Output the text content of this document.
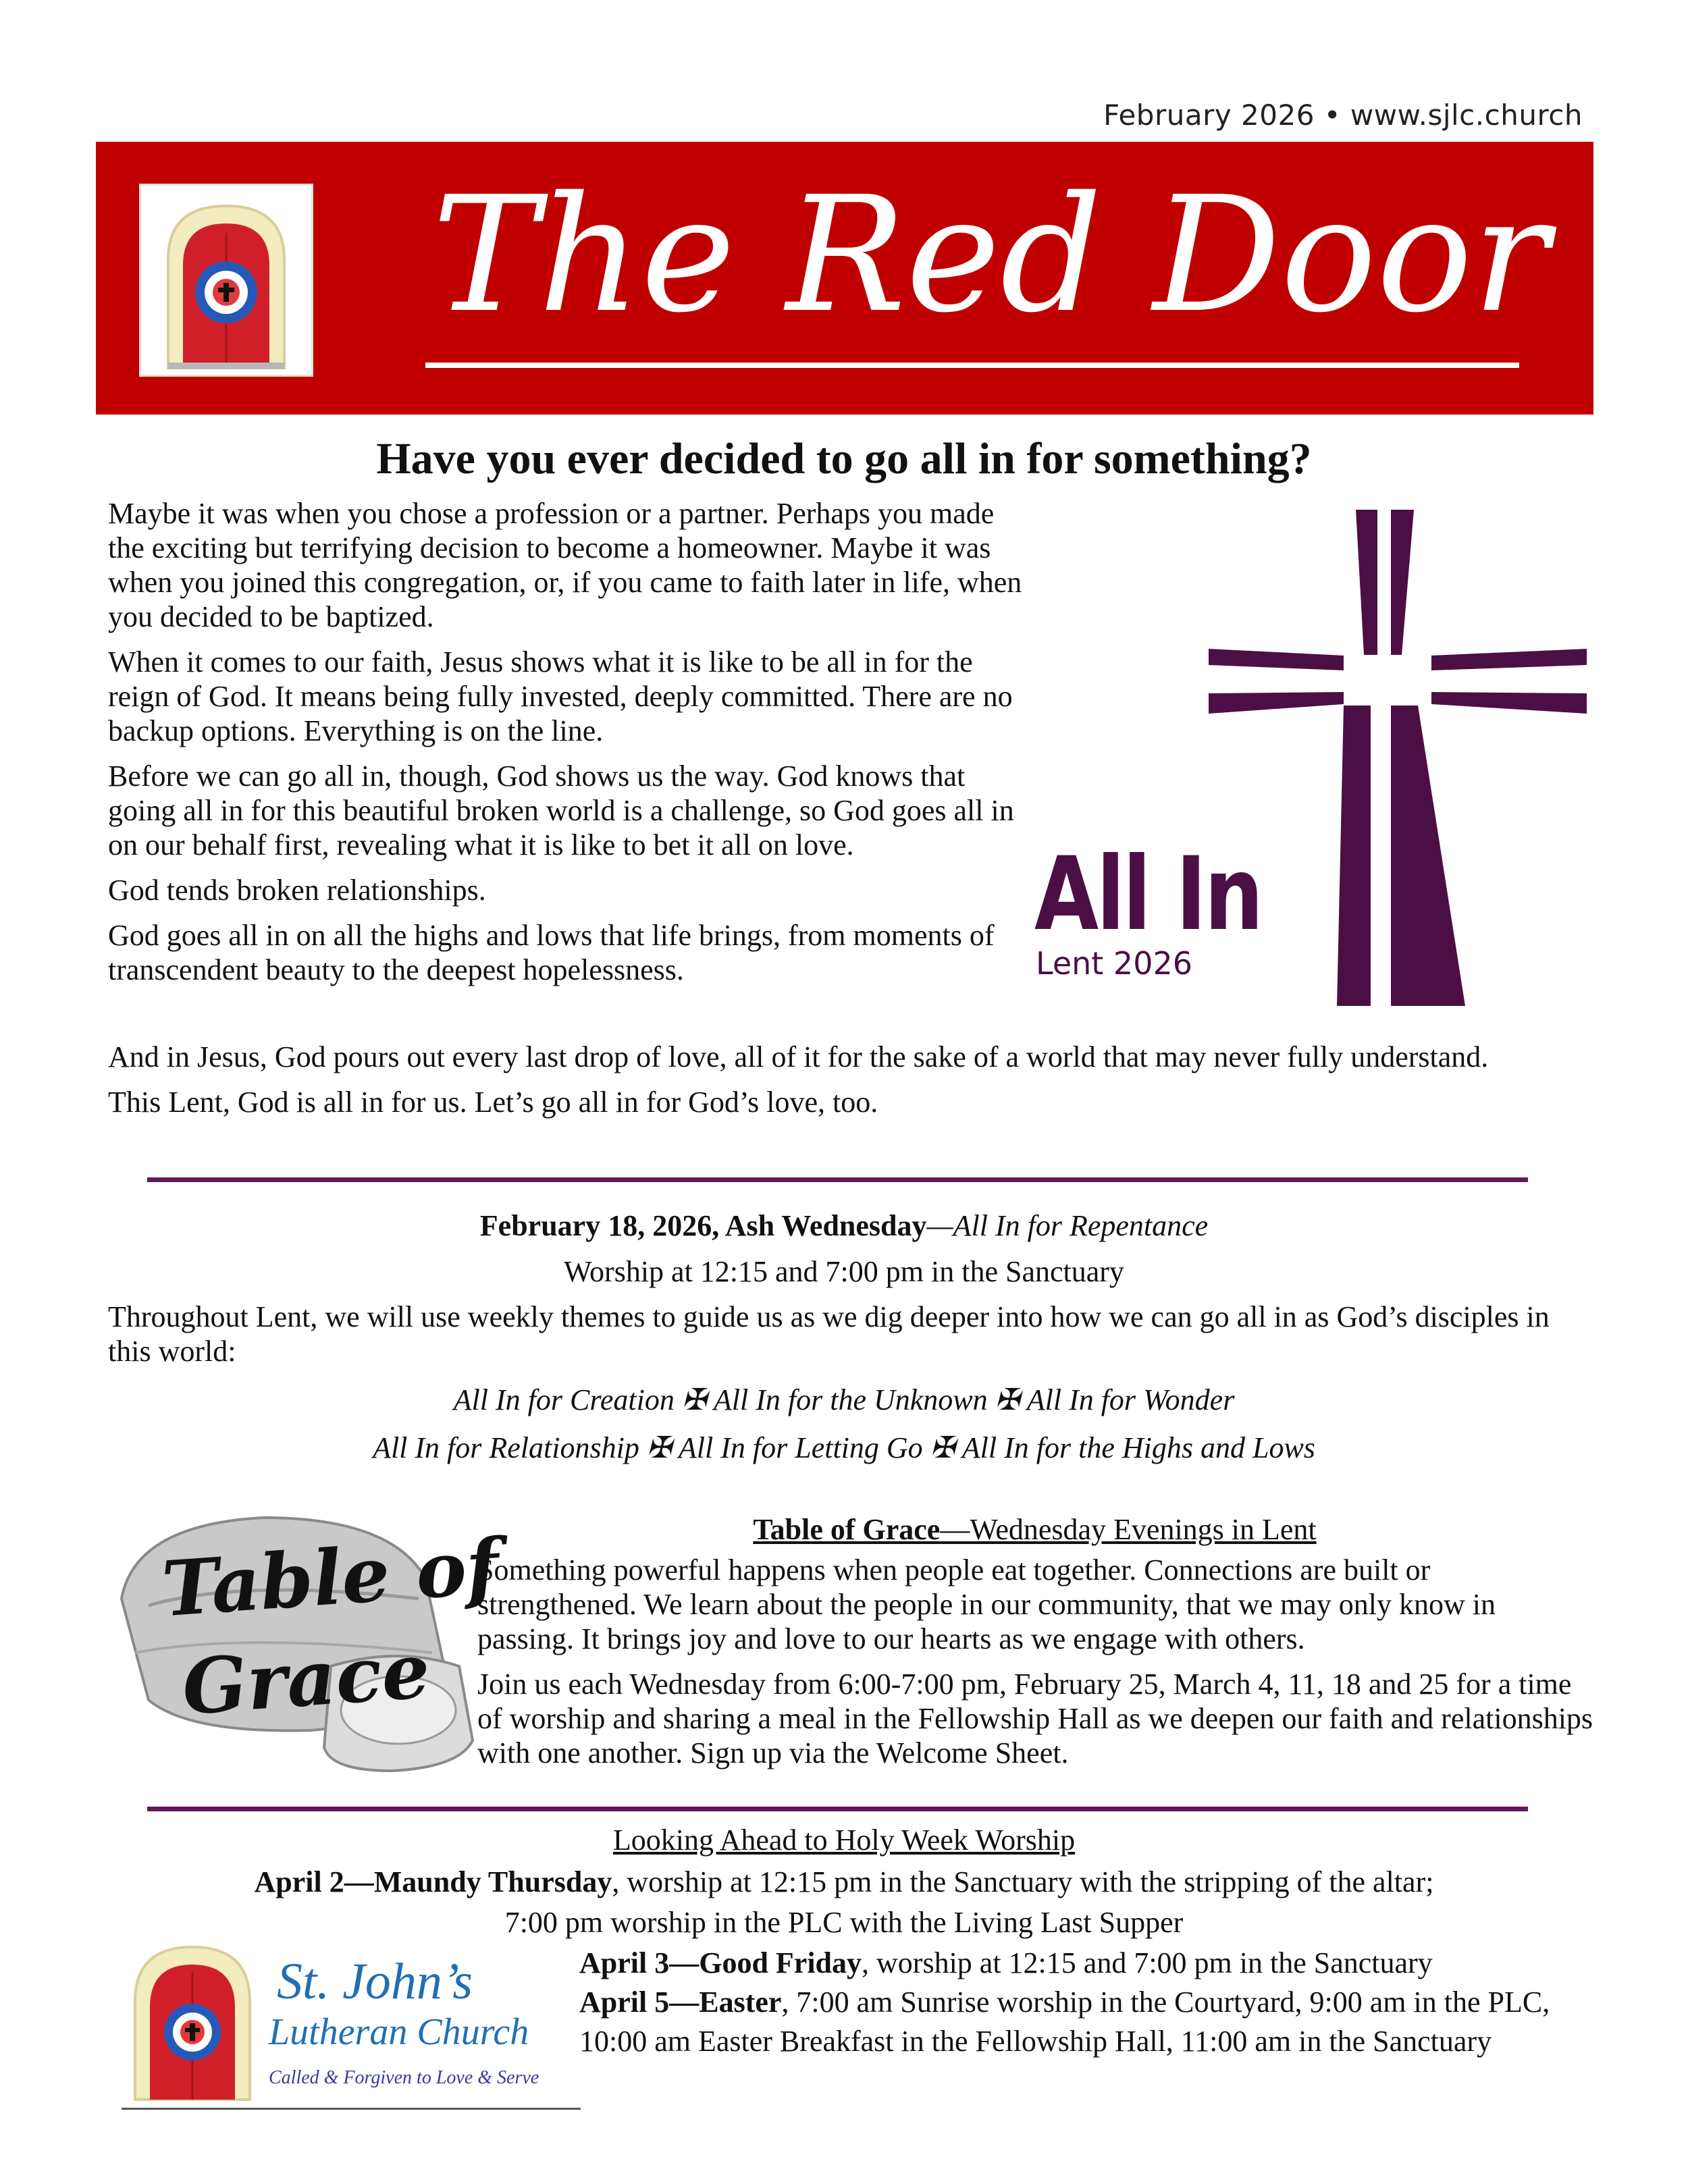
February 2026 • www.sjlc.church
The Red Door
Have you ever decided to go all in for something?

Maybe it was when you chose a profession or a partner. Perhaps you made the exciting but terrifying decision to become a homeowner. Maybe it was when you joined this congregation, or, if you came to faith later in life, when you decided to be baptized.

When it comes to our faith, Jesus shows what it is like to be all in for the reign of God. It means being fully invested, deeply committed. There are no backup options. Everything is on the line.

Before we can go all in, though, God shows us the way. God knows that going all in for this beautiful broken world is a challenge, so God goes all in on our behalf first, revealing what it is like to bet it all on love.

God tends broken relationships.

God goes all in on all the highs and lows that life brings, from moments of transcendent beauty to the deepest hopelessness.

All In
Lent 2026

And in Jesus, God pours out every last drop of love, all of it for the sake of a world that may never fully understand.

This Lent, God is all in for us. Let’s go all in for God’s love, too.

February 18, 2026, Ash Wednesday—All In for Repentance
Worship at 12:15 and 7:00 pm in the Sanctuary
Throughout Lent, we will use weekly themes to guide us as we dig deeper into how we can go all in as God’s disciples in this world:
All In for Creation ✠ All In for the Unknown ✠ All In for Wonder
All In for Relationship ✠ All In for Letting Go ✠ All In for the Highs and Lows
Table of
Grace
Table of Grace—Wednesday Evenings in Lent

Something powerful happens when people eat together. Connections are built or strengthened. We learn about the people in our community, that we may only know in passing. It brings joy and love to our hearts as we engage with others.

Join us each Wednesday from 6:00-7:00 pm, February 25, March 4, 11, 18 and 25 for a time of worship and sharing a meal in the Fellowship Hall as we deepen our faith and relationships with one another. Sign up via the Welcome Sheet.

Looking Ahead to Holy Week Worship
April 2—Maundy Thursday, worship at 12:15 pm in the Sanctuary with the stripping of the altar;
7:00 pm worship in the PLC with the Living Last Supper
April 3—Good Friday, worship at 12:15 and 7:00 pm in the Sanctuary
April 5—Easter, 7:00 am Sunrise worship in the Courtyard, 9:00 am in the PLC,
10:00 am Easter Breakfast in the Fellowship Hall, 11:00 am in the Sanctuary
St. John’s
Lutheran Church
Called & Forgiven to Love & Serve
